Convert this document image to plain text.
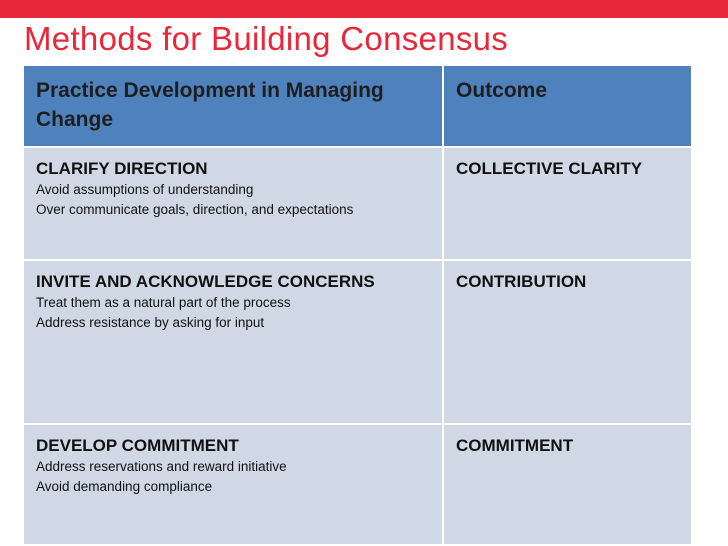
Methods for Building Consensus
Practice Development in Managing Change
Outcome
CLARIFY DIRECTION
Avoid assumptions of understanding
Over communicate goals, direction, and expectations
COLLECTIVE CLARITY
INVITE AND ACKNOWLEDGE CONCERNS
Treat them as a natural part of the process
Address resistance by asking for input
CONTRIBUTION
DEVELOP COMMITMENT
Address reservations and reward initiative
Avoid demanding compliance
COMMITMENT
